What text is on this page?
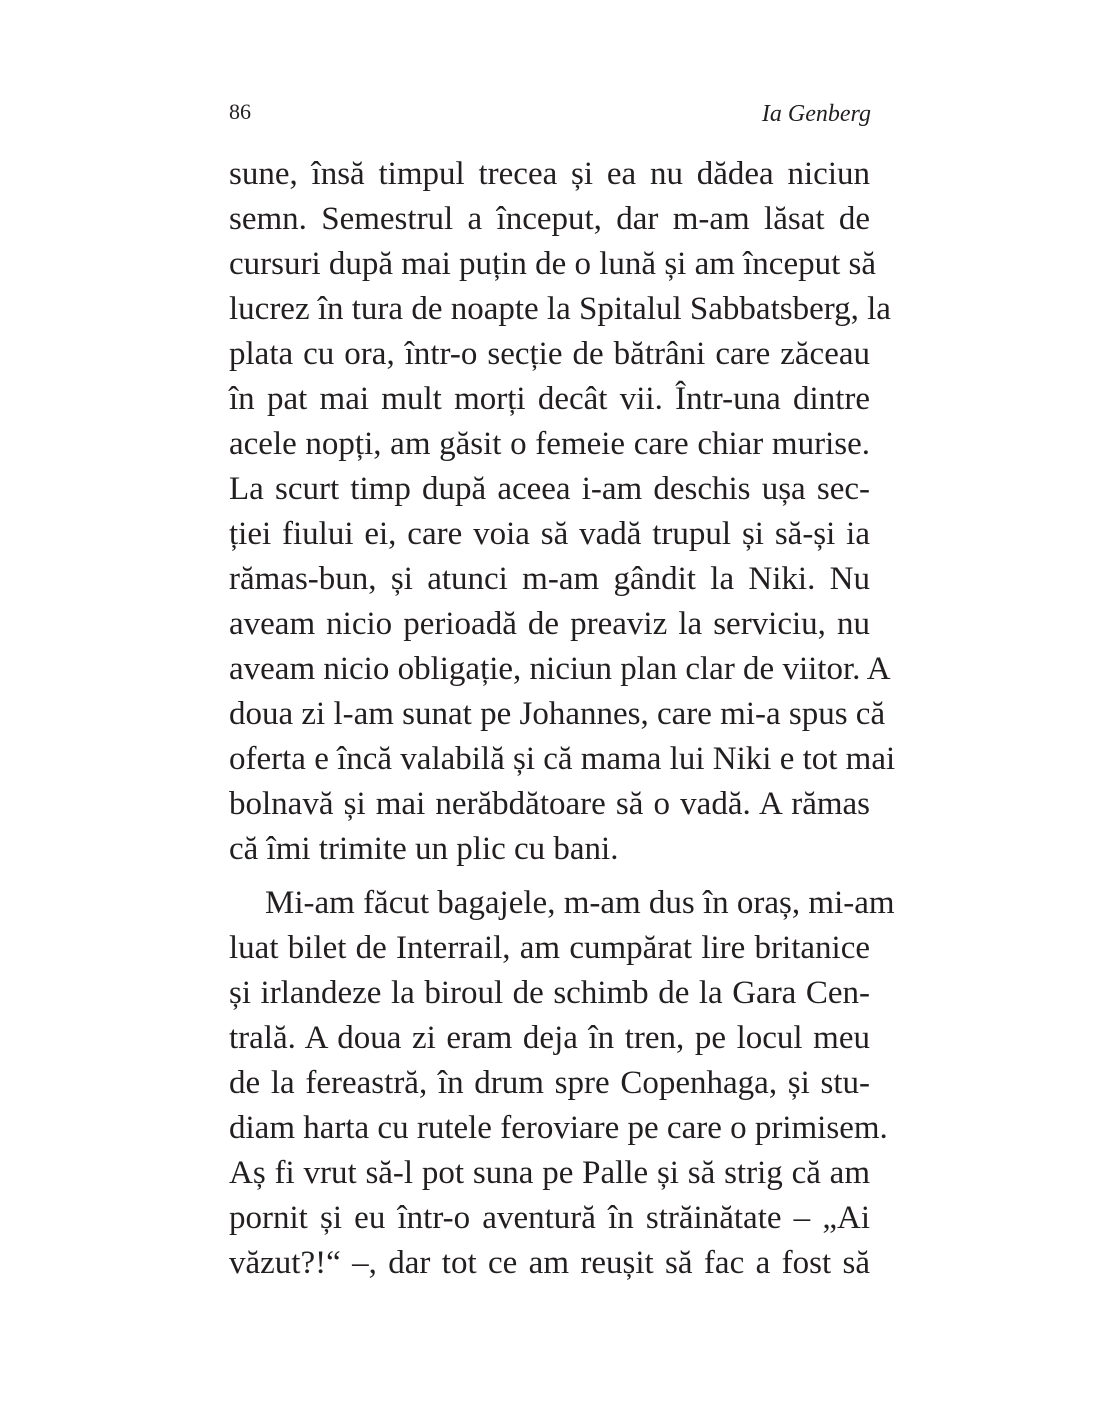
86	Ia Genberg
sune, însă timpul trecea și ea nu dădea niciun
semn. Semestrul a început, dar m-am lăsat de
cursuri după mai puțin de o lună și am început să
lucrez în tura de noapte la Spitalul Sabbatsberg, la
plata cu ora, într-o secție de bătrâni care zăceau
în pat mai mult morți decât vii. Într-una dintre
acele nopți, am găsit o femeie care chiar murise.
La scurt timp după aceea i-am deschis ușa sec-
ției fiului ei, care voia să vadă trupul și să-și ia
rămas-bun, și atunci m-am gândit la Niki. Nu
aveam nicio perioadă de preaviz la serviciu, nu
aveam nicio obligație, niciun plan clar de viitor. A
doua zi l-am sunat pe Johannes, care mi-a spus că
oferta e încă valabilă și că mama lui Niki e tot mai
bolnavă și mai nerăbdătoare să o vadă. A rămas
că îmi trimite un plic cu bani.
Mi-am făcut bagajele, m-am dus în oraș, mi-am
luat bilet de Interrail, am cumpărat lire britanice
și irlandeze la biroul de schimb de la Gara Cen-
trală. A doua zi eram deja în tren, pe locul meu
de la fereastră, în drum spre Copenhaga, și stu-
diam harta cu rutele feroviare pe care o primisem.
Aș fi vrut să-l pot suna pe Palle și să strig că am
pornit și eu într-o aventură în străinătate – „Ai
văzut?!“ –, dar tot ce am reușit să fac a fost să
